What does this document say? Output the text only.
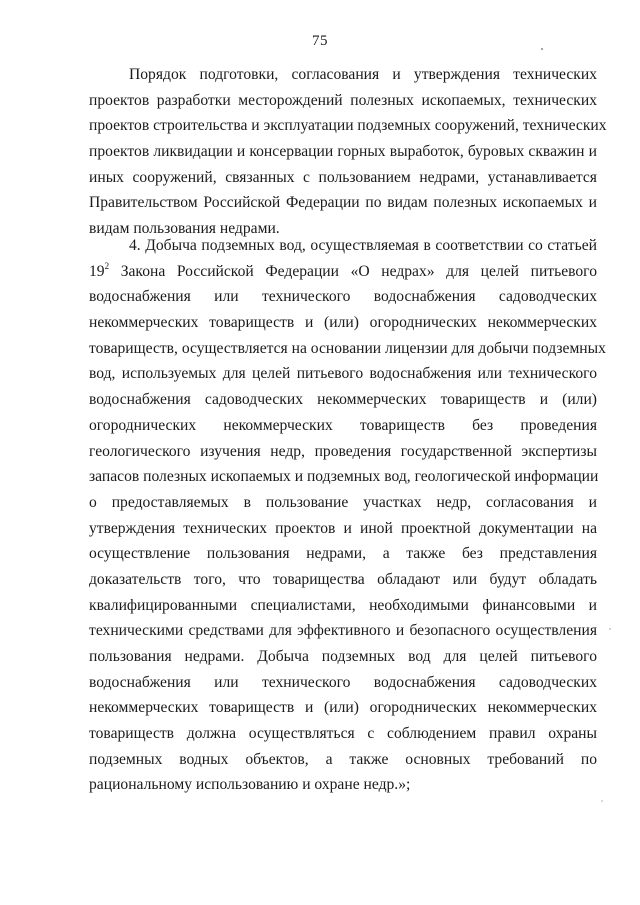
75
Порядок подготовки, согласования и утверждения технических
проектов разработки месторождений полезных ископаемых, технических
проектов строительства и эксплуатации подземных сооружений, технических
проектов ликвидации и консервации горных выработок, буровых скважин и
иных сооружений, связанных с пользованием недрами, устанавливается
Правительством Российской Федерации по видам полезных ископаемых и
видам пользования недрами.
4. Добыча подземных вод, осуществляемая в соответствии со статьей
$19^2$ Закона Российской Федерации «О недрах» для целей питьевого
водоснабжения или технического водоснабжения садоводческих
некоммерческих товариществ и (или) огороднических некоммерческих
товариществ, осуществляется на основании лицензии для добычи подземных
вод, используемых для целей питьевого водоснабжения или технического
водоснабжения садоводческих некоммерческих товариществ и (или)
огороднических некоммерческих товариществ без проведения
геологического изучения недр, проведения государственной экспертизы
запасов полезных ископаемых и подземных вод, геологической информации
о предоставляемых в пользование участках недр, согласования и
утверждения технических проектов и иной проектной документации на
осуществление пользования недрами, а также без представления
доказательств того, что товарищества обладают или будут обладать
квалифицированными специалистами, необходимыми финансовыми и
техническими средствами для эффективного и безопасного осуществления
пользования недрами. Добыча подземных вод для целей питьевого
водоснабжения или технического водоснабжения садоводческих
некоммерческих товариществ и (или) огороднических некоммерческих
товариществ должна осуществляться с соблюдением правил охраны
подземных водных объектов, а также основных требований по
рациональному использованию и охране недр.»;
